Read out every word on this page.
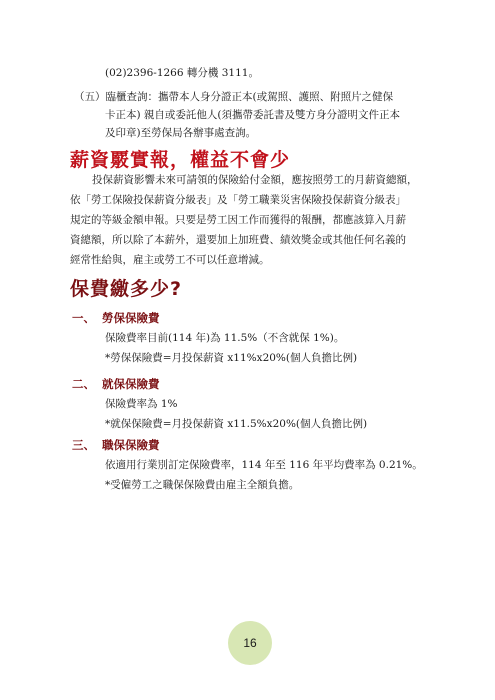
(02)2396-1266 轉分機 3111。
（五）臨櫃查詢：攜帶本人身分證正本(或駕照、護照、附照片之健保
卡正本) 親自或委託他人(須攜帶委託書及雙方身分證明文件正本
及印章)至勞保局各辦事處查詢。
薪資覈實報，權益不會少
投保薪資影響未來可請領的保險給付金額，應按照勞工的月薪資總額，
依「勞工保險投保薪資分級表」及「勞工職業災害保險投保薪資分級表」
規定的等級金額申報。只要是勞工因工作而獲得的報酬，都應該算入月薪
資總額，所以除了本薪外，還要加上加班費、績效獎金或其他任何名義的
經常性給與，雇主或勞工不可以任意增減。
保費繳多少?
一、 勞保保險費
保險費率目前(114 年)為 11.5%（不含就保 1%)。
*勞保保險費=月投保薪資 x11%x20%(個人負擔比例)
二、 就保保險費
保險費率為 1%
*就保保險費=月投保薪資 x11.5%x20%(個人負擔比例)
三、 職保保險費
依適用行業別訂定保險費率，114 年至 116 年平均費率為 0.21%。
*受僱勞工之職保保險費由雇主全額負擔。
16
